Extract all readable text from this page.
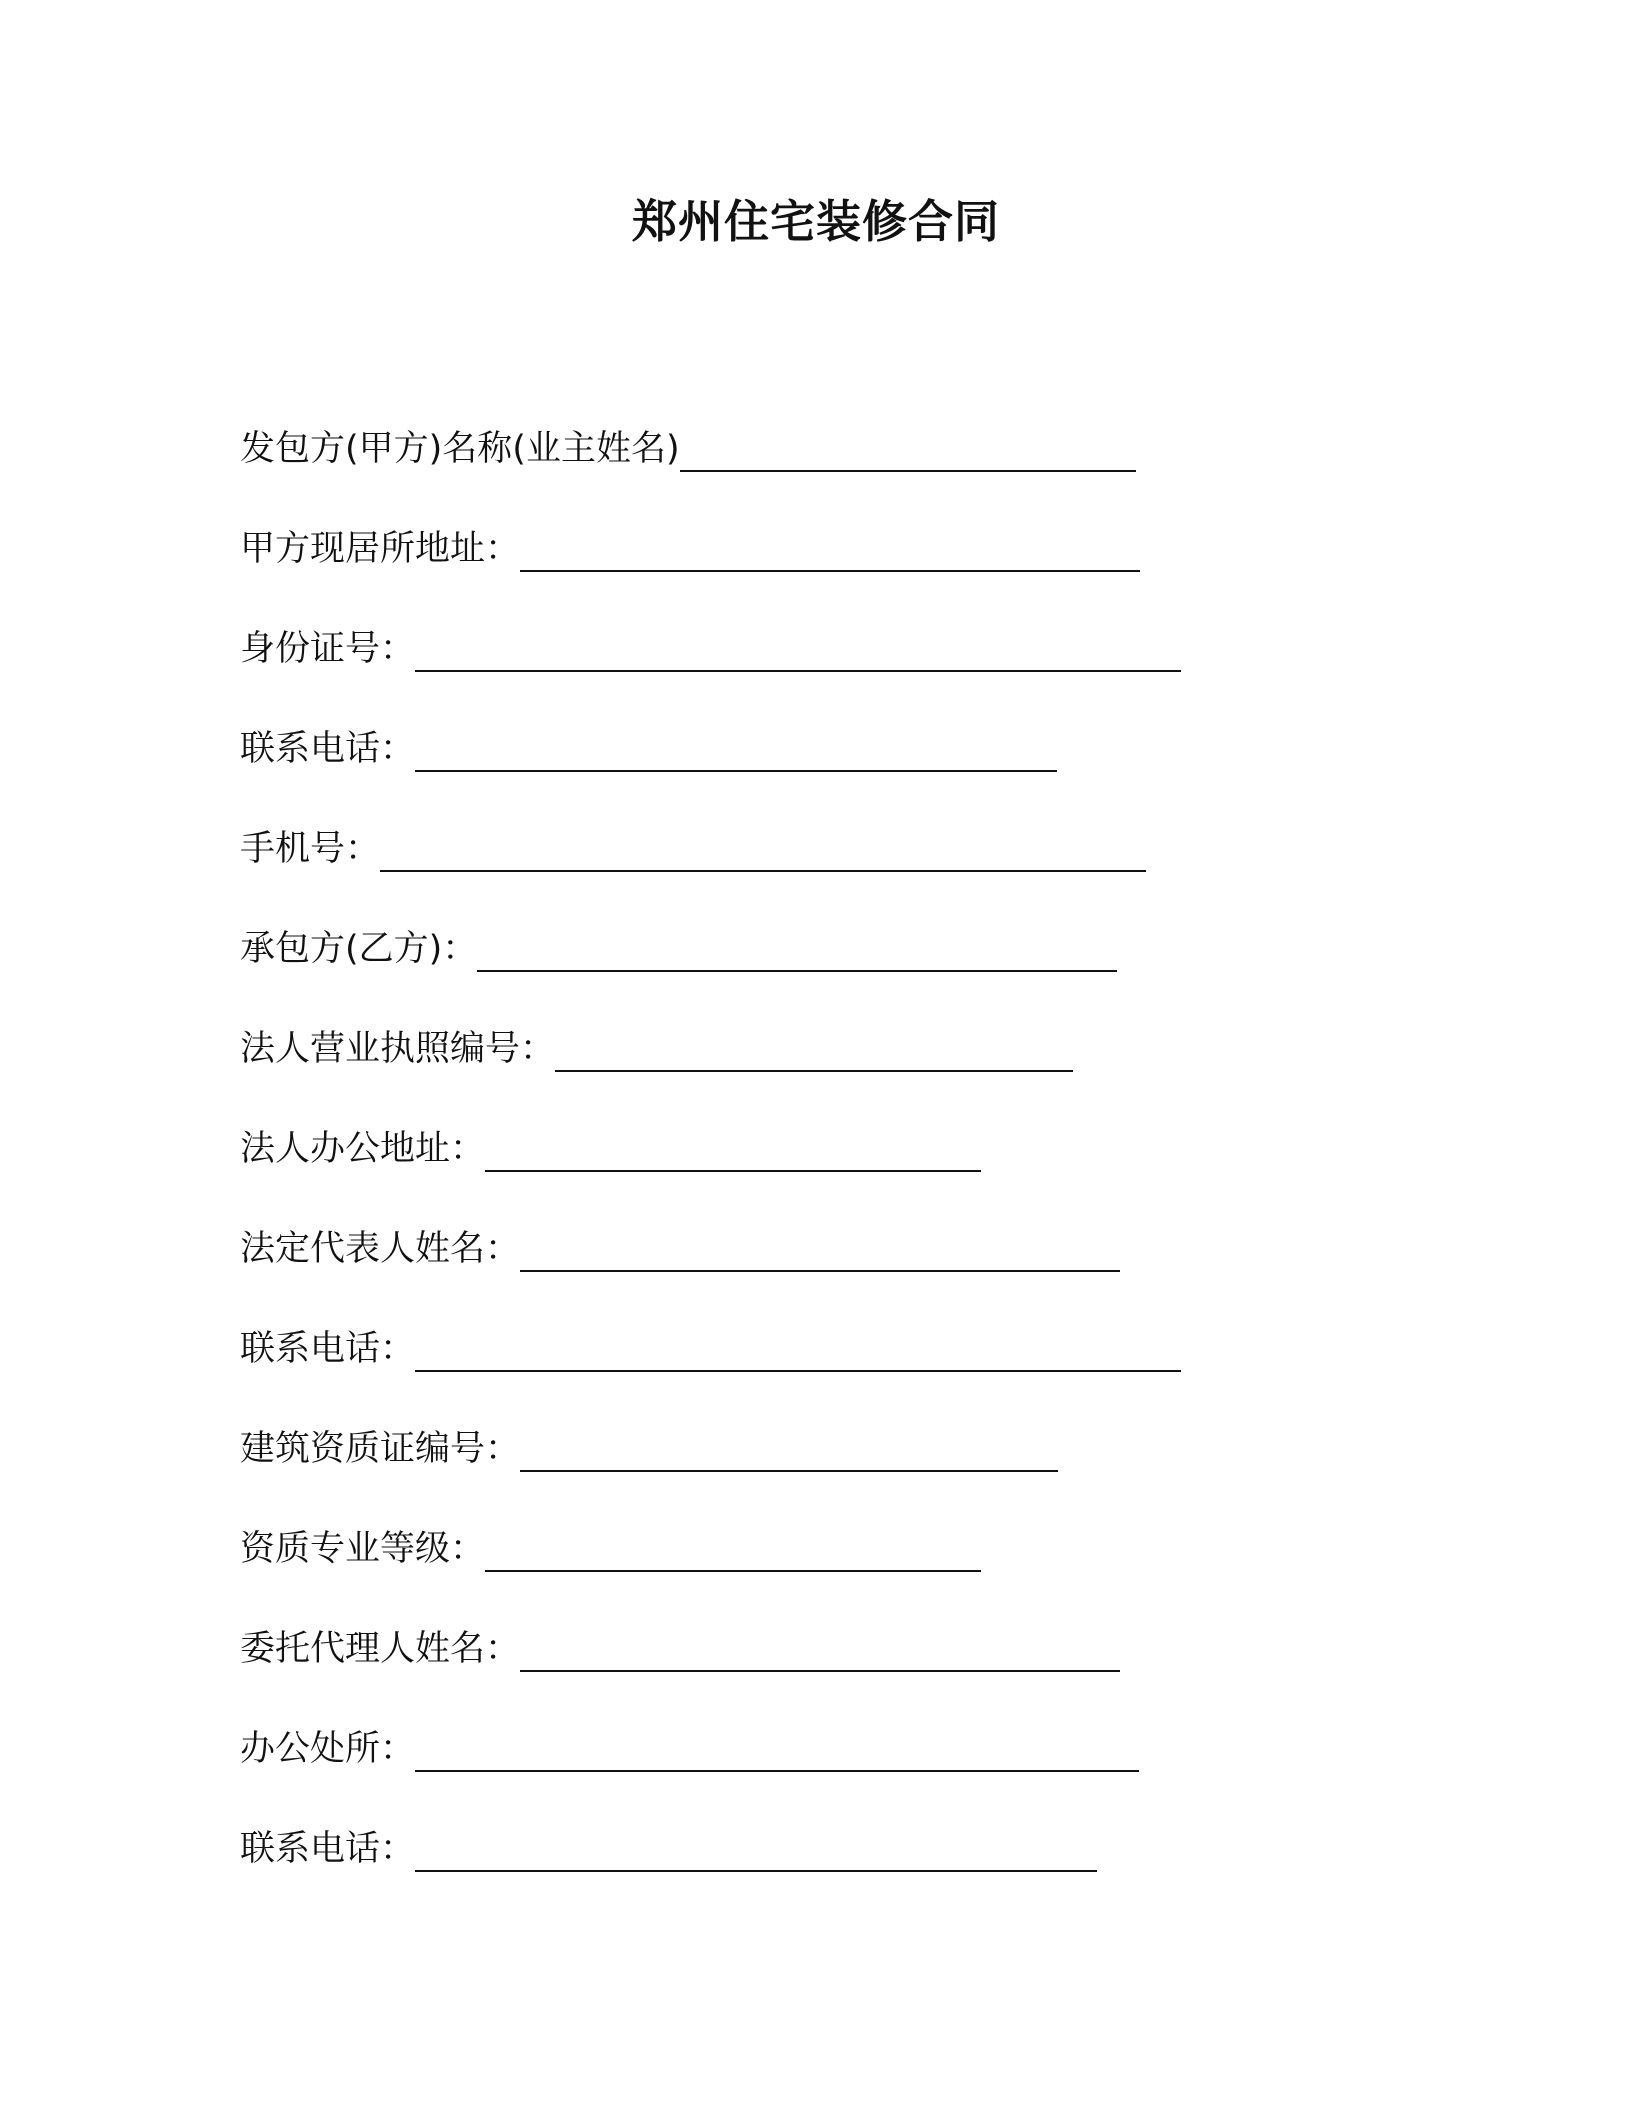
郑州住宅装修合同
发包方(甲方)名称(业主姓名)
甲方现居所地址：
身份证号：
联系电话：
手机号：
承包方(乙方)：
法人营业执照编号：
法人办公地址：
法定代表人姓名：
联系电话：
建筑资质证编号：
资质专业等级：
委托代理人姓名：
办公处所：
联系电话：
